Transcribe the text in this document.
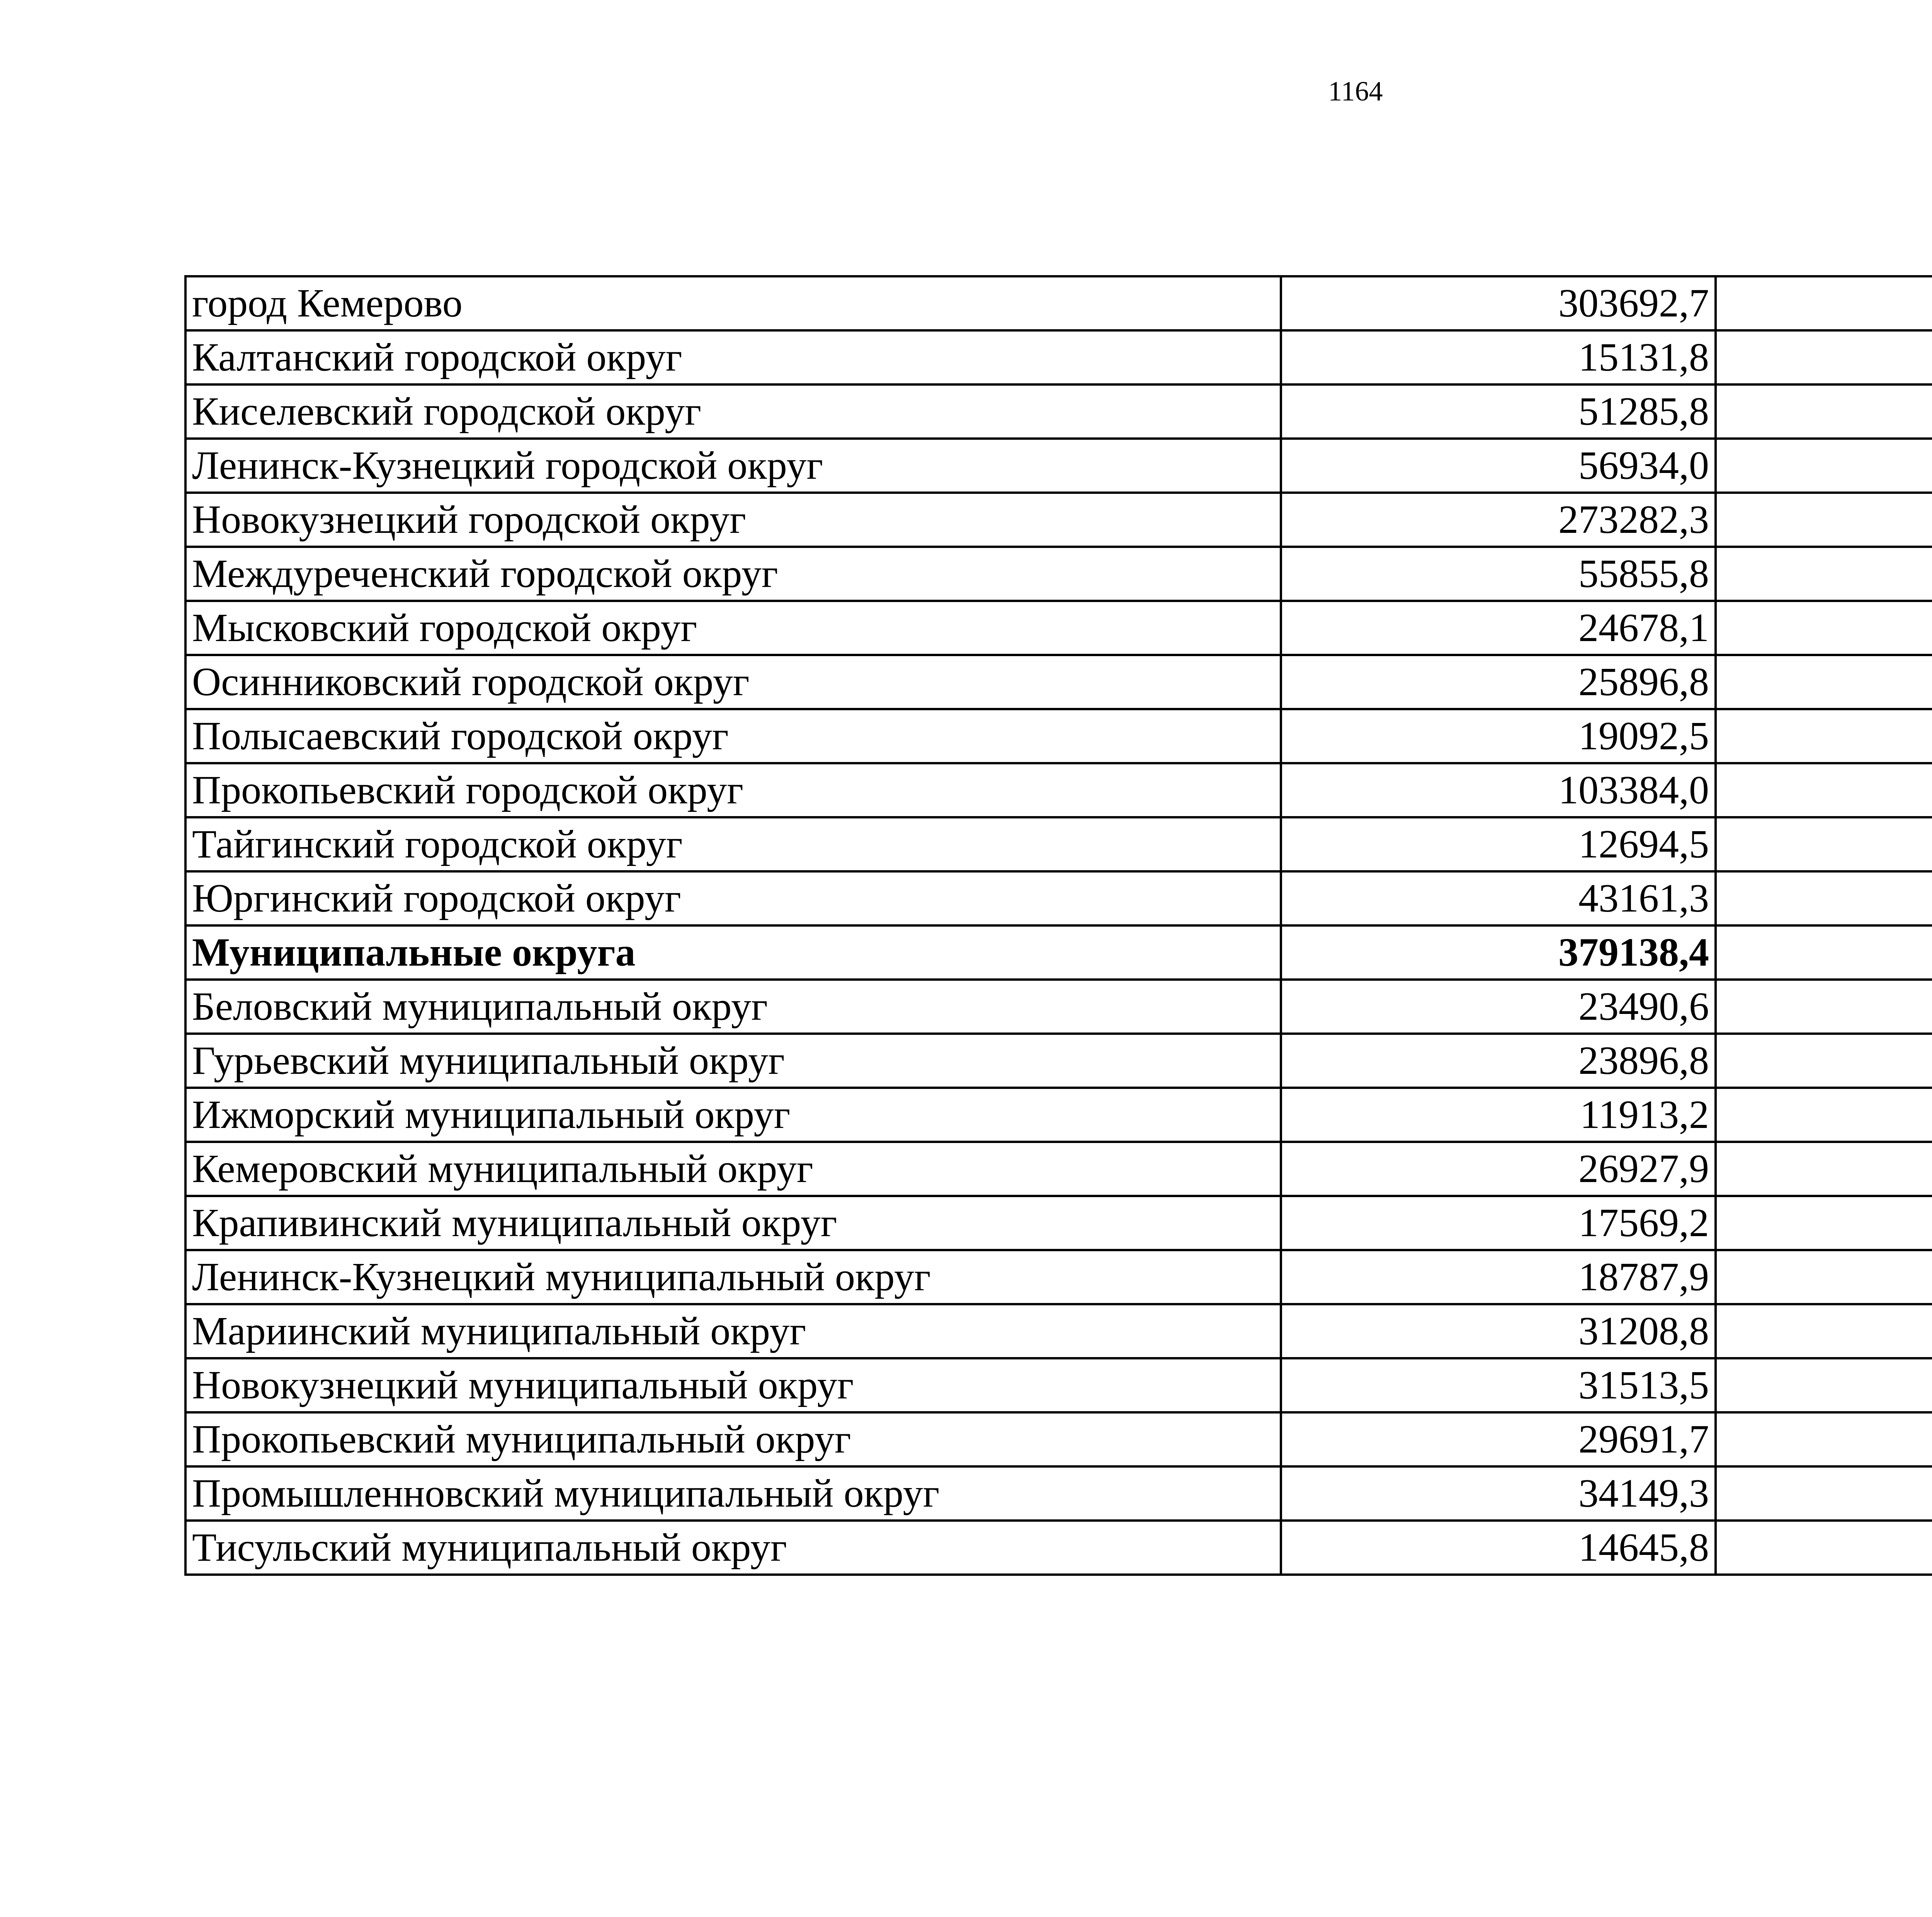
1164
город Кемерово	303692,7		
Калтанский городской округ	15131,8		
Киселевский городской округ	51285,8		
Ленинск-Кузнецкий городской округ	56934,0		
Новокузнецкий городской округ	273282,3		
Междуреченский городской округ	55855,8		
Мысковский городской округ	24678,1		
Осинниковский городской округ	25896,8		
Полысаевский городской округ	19092,5		
Прокопьевский городской округ	103384,0		
Тайгинский городской округ	12694,5		
Юргинский городской округ	43161,3		
Муниципальные округа	379138,4		
Беловский муниципальный округ	23490,6		
Гурьевский муниципальный округ	23896,8		
Ижморский муниципальный округ	11913,2		
Кемеровский муниципальный округ	26927,9		
Крапивинский муниципальный округ	17569,2		
Ленинск-Кузнецкий муниципальный округ	18787,9		
Мариинский муниципальный округ	31208,8		
Новокузнецкий муниципальный округ	31513,5		
Прокопьевский муниципальный округ	29691,7		
Промышленновский муниципальный округ	34149,3		
Тисульский муниципальный округ	14645,8		
